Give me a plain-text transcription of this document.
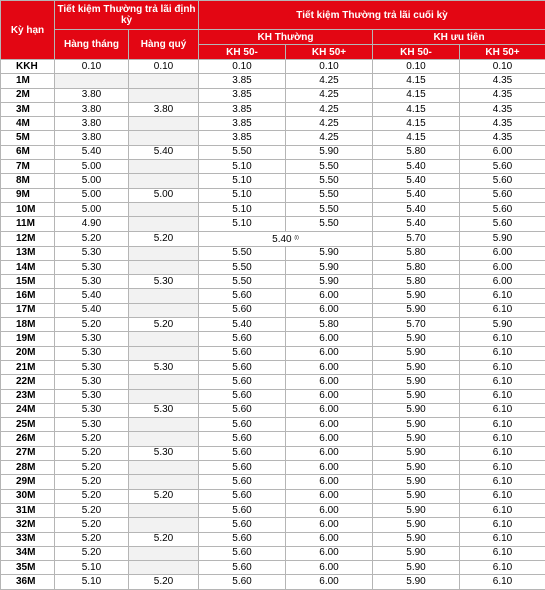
Kỳ hạn	Tiết kiệm Thường trả lãi định kỳ		Tiết kiệm Thường trả lãi cuối kỳ			
	Hàng tháng	Hàng quý	KH Thường		KH ưu tiên	
			KH 50-	KH 50+	KH 50-	KH 50+
KKH	0.10	0.10	0.10	0.10	0.10	0.10
1M			3.85	4.25	4.15	4.35
2M	3.80		3.85	4.25	4.15	4.35
3M	3.80	3.80	3.85	4.25	4.15	4.35
4M	3.80		3.85	4.25	4.15	4.35
5M	3.80		3.85	4.25	4.15	4.35
6M	5.40	5.40	5.50	5.90	5.80	6.00
7M	5.00		5.10	5.50	5.40	5.60
8M	5.00		5.10	5.50	5.40	5.60
9M	5.00	5.00	5.10	5.50	5.40	5.60
10M	5.00		5.10	5.50	5.40	5.60
11M	4.90		5.10	5.50	5.40	5.60
12M	5.20	5.20	5.40 $^{(i)}$		5.70	5.90
13M	5.30		5.50	5.90	5.80	6.00
14M	5.30		5.50	5.90	5.80	6.00
15M	5.30	5.30	5.50	5.90	5.80	6.00
16M	5.40		5.60	6.00	5.90	6.10
17M	5.40		5.60	6.00	5.90	6.10
18M	5.20	5.20	5.40	5.80	5.70	5.90
19M	5.30		5.60	6.00	5.90	6.10
20M	5.30		5.60	6.00	5.90	6.10
21M	5.30	5.30	5.60	6.00	5.90	6.10
22M	5.30		5.60	6.00	5.90	6.10
23M	5.30		5.60	6.00	5.90	6.10
24M	5.30	5.30	5.60	6.00	5.90	6.10
25M	5.30		5.60	6.00	5.90	6.10
26M	5.20		5.60	6.00	5.90	6.10
27M	5.20	5.30	5.60	6.00	5.90	6.10
28M	5.20		5.60	6.00	5.90	6.10
29M	5.20		5.60	6.00	5.90	6.10
30M	5.20	5.20	5.60	6.00	5.90	6.10
31M	5.20		5.60	6.00	5.90	6.10
32M	5.20		5.60	6.00	5.90	6.10
33M	5.20	5.20	5.60	6.00	5.90	6.10
34M	5.20		5.60	6.00	5.90	6.10
35M	5.10		5.60	6.00	5.90	6.10
36M	5.10	5.20	5.60	6.00	5.90	6.10
